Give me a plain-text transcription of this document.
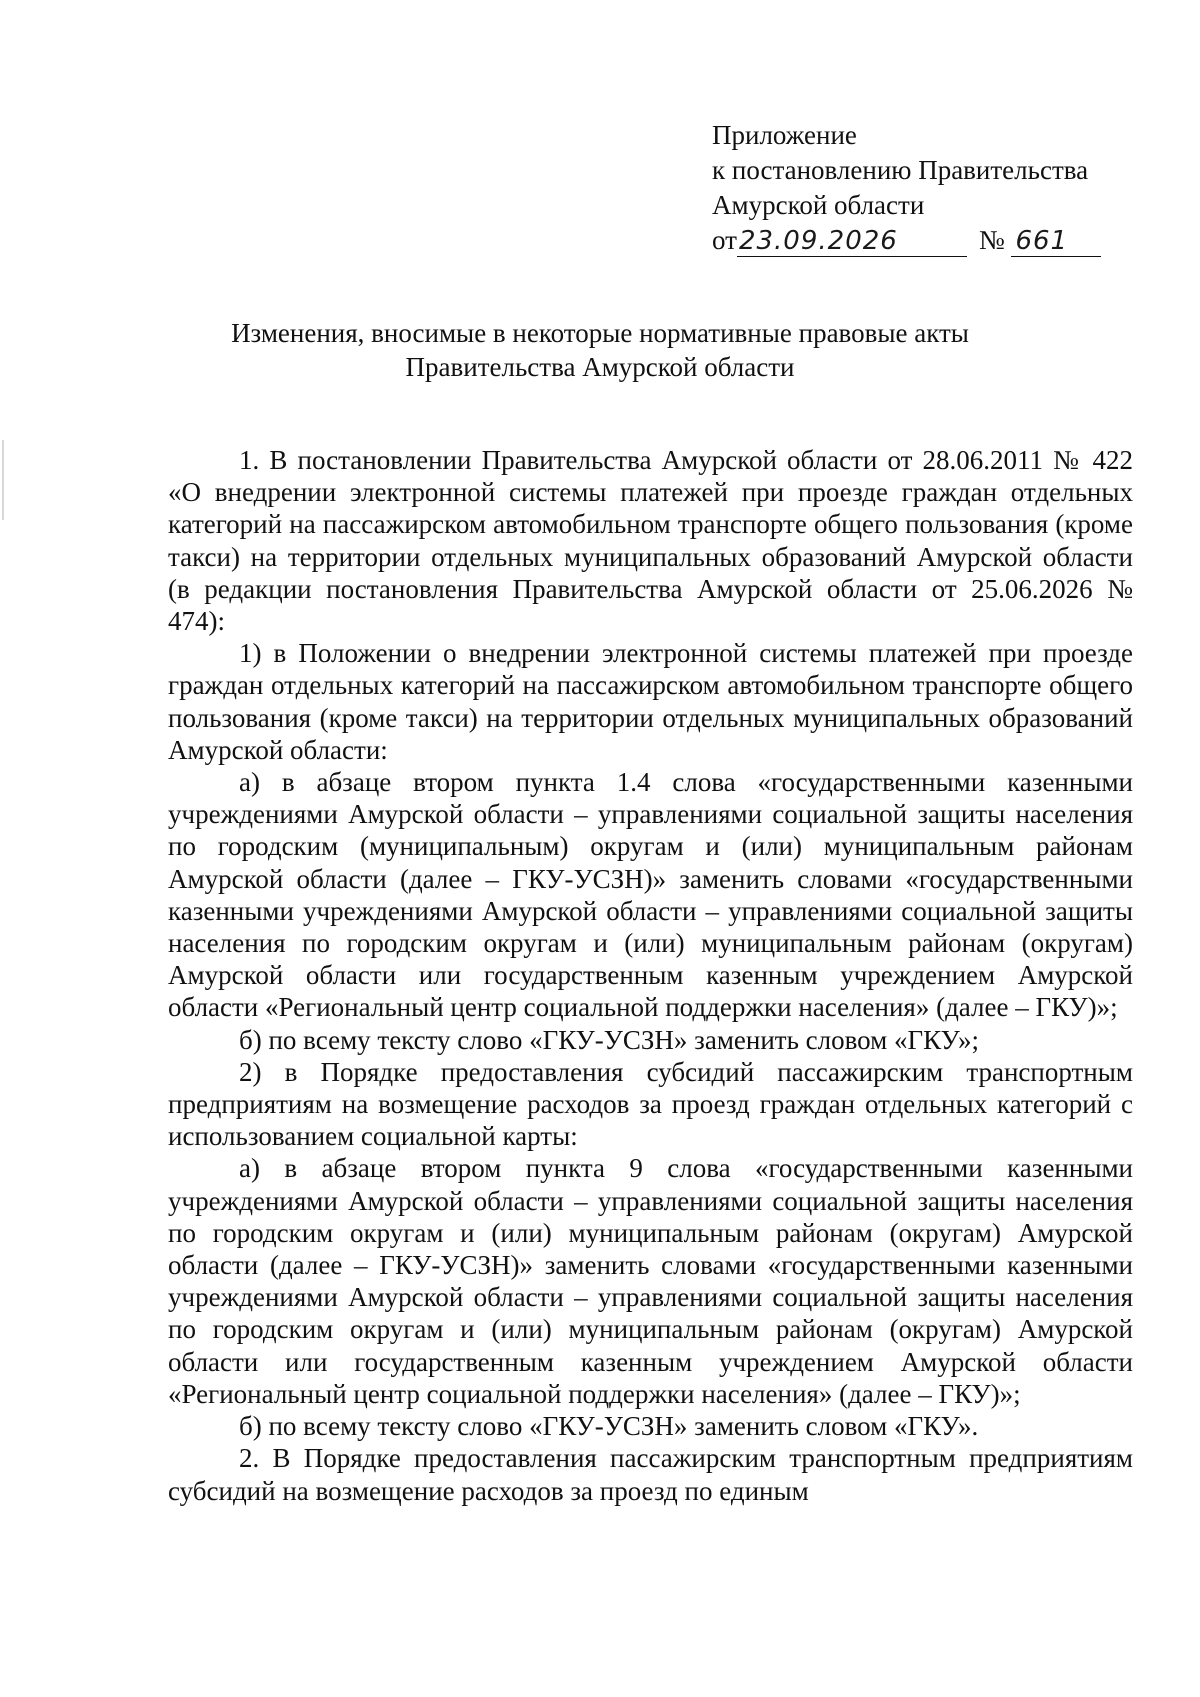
Приложение
к постановлению Правительства
Амурской области
от23.09.2026	№ 661
Изменения, вносимые в некоторые нормативные правовые акты
Правительства Амурской области

1. В постановлении Правительства Амурской области от 28.06.2011 № 422 «О внедрении электронной системы платежей при проезде граждан отдельных категорий на пассажирском автомобильном транспорте общего пользования (кроме такси) на территории отдельных муниципальных образований Амурской области (в редакции постановления Правительства Амурской области от 25.06.2026 № 474):

1) в Положении о внедрении электронной системы платежей при проезде граждан отдельных категорий на пассажирском автомобильном транспорте общего пользования (кроме такси) на территории отдельных муниципальных образований Амурской области:

а) в абзаце втором пункта 1.4 слова «государственными казенными учреждениями Амурской области – управлениями социальной защиты населения по городским (муниципальным) округам и (или) муниципальным районам Амурской области (далее – ГКУ-УСЗН)» заменить словами «государственными казенными учреждениями Амурской области – управлениями социальной защиты населения по городским округам и (или) муниципальным районам (округам) Амурской области или государственным казенным учреждением Амурской области «Региональный центр социальной поддержки населения» (далее – ГКУ)»;

б) по всему тексту слово «ГКУ-УСЗН» заменить словом «ГКУ»;

2) в Порядке предоставления субсидий пассажирским транспортным предприятиям на возмещение расходов за проезд граждан отдельных категорий с использованием социальной карты:

а) в абзаце втором пункта 9 слова «государственными казенными учреждениями Амурской области – управлениями социальной защиты населения по городским округам и (или) муниципальным районам (округам) Амурской области (далее – ГКУ-УСЗН)» заменить словами «государственными казенными учреждениями Амурской области – управлениями социальной защиты населения по городским округам и (или) муниципальным районам (округам) Амурской области или государственным казенным учреждением Амурской области «Региональный центр социальной поддержки населения» (далее – ГКУ)»;

б) по всему тексту слово «ГКУ-УСЗН» заменить словом «ГКУ».

2. В Порядке предоставления пассажирским транспортным предприятиям субсидий на возмещение расходов за проезд по единым
